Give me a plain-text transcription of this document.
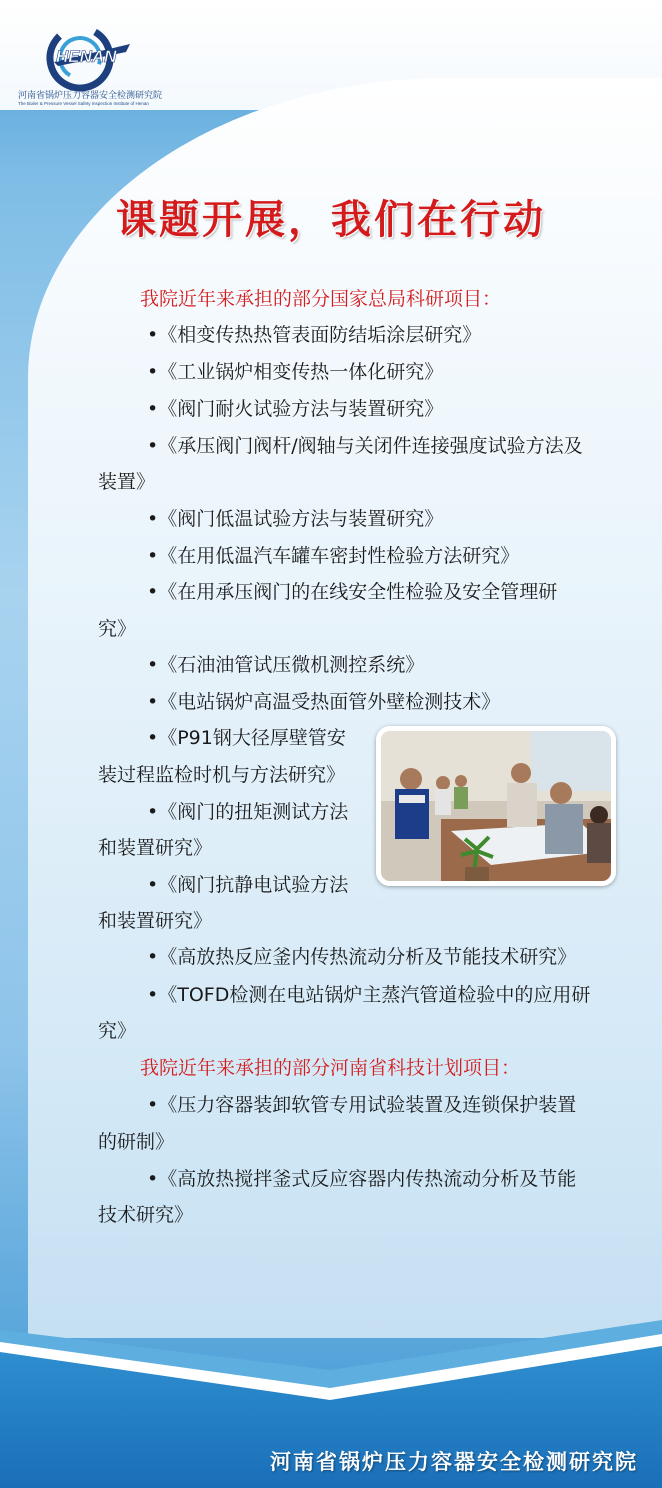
HENAN
河南省锅炉压力容器安全检测研究院
The Boiler & Pressure Vessel Safety Inspection Institute of Henan
课题开展，我们在行动
我院近年来承担的部分国家总局科研项目：
•《相变传热热管表面防结垢涂层研究》
•《工业锅炉相变传热一体化研究》
•《阀门耐火试验方法与装置研究》
•《承压阀门阀杆/阀轴与关闭件连接强度试验方法及
装置》
•《阀门低温试验方法与装置研究》
•《在用低温汽车罐车密封性检验方法研究》
•《在用承压阀门的在线安全性检验及安全管理研
究》
•《石油油管试压微机测控系统》
•《电站锅炉高温受热面管外壁检测技术》
•《P91钢大径厚壁管安
装过程监检时机与方法研究》
•《阀门的扭矩测试方法
和装置研究》
•《阀门抗静电试验方法
和装置研究》
•《高放热反应釜内传热流动分析及节能技术研究》
•《TOFD检测在电站锅炉主蒸汽管道检验中的应用研
究》
我院近年来承担的部分河南省科技计划项目：
•《压力容器装卸软管专用试验装置及连锁保护装置
的研制》
•《高放热搅拌釜式反应容器内传热流动分析及节能
技术研究》
河南省锅炉压力容器安全检测研究院
